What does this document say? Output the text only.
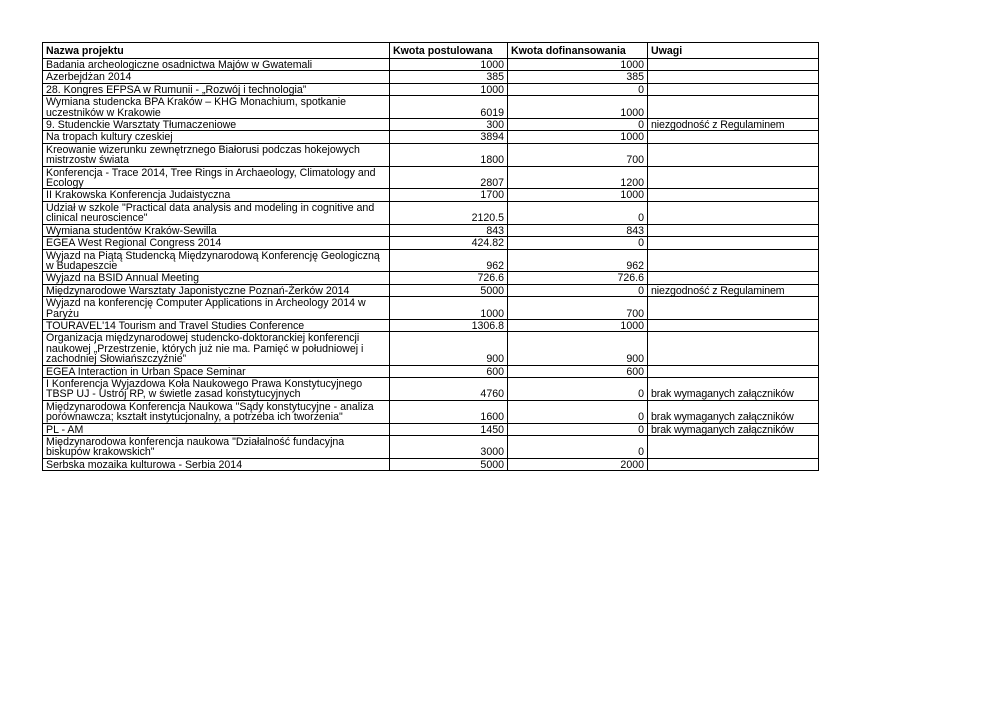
Nazwa projektu	Kwota postulowana	Kwota dofinansowania	Uwagi
Badania archeologiczne osadnictwa Majów w Gwatemali	1000	1000	
Azerbejdżan 2014	385	385	
28. Kongres EFPSA w Rumunii - „Rozwój i technologia”	1000	0	
Wymiana studencka BPA Kraków – KHG Monachium, spotkanie uczestników w Krakowie	6019	1000	
9. Studenckie Warsztaty Tłumaczeniowe	300	0	niezgodność z Regulaminem
Na tropach kultury czeskiej	3894	1000	
Kreowanie wizerunku zewnętrznego Białorusi podczas hokejowych mistrzostw świata	1800	700	
Konferencja - Trace 2014, Tree Rings in Archaeology, Climatology and Ecology	2807	1200	
II Krakowska Konferencja Judaistyczna	1700	1000	
Udział w szkole "Practical data analysis and modeling in cognitive and clinical neuroscience"	2120.5	0	
Wymiana studentów Kraków-Sewilla	843	843	
EGEA West Regional Congress 2014	424.82	0	
Wyjazd na Piątą Studencką Międzynarodową Konferencję Geologiczną w Budapeszcie	962	962	
Wyjazd na BSID Annual Meeting	726.6	726.6	
Międzynarodowe Warsztaty Japonistyczne Poznań-Żerków 2014	5000	0	niezgodność z Regulaminem
Wyjazd na konferencję Computer Applications in Archeology 2014 w Paryżu	1000	700	
TOURAVEL'14 Tourism and Travel Studies Conference	1306.8	1000	
Organizacja międzynarodowej studencko-doktoranckiej konferencji naukowej „Przestrzenie, których już nie ma. Pamięć w południowej i zachodniej Słowiańszczyźnie”	900	900	
EGEA Interaction in Urban Space Seminar	600	600	
I Konferencja Wyjazdowa Koła Naukowego Prawa Konstytucyjnego TBSP UJ - Ustrój RP, w świetle zasad konstytucyjnych	4760	0	brak wymaganych załączników
Międzynarodowa Konferencja Naukowa "Sądy konstytucyjne - analiza porównawcza; kształt instytucjonalny, a potrzeba ich tworzenia"	1600	0	brak wymaganych załączników
PL - AM	1450	0	brak wymaganych załączników
Międzynarodowa konferencja naukowa "Działalność fundacyjna biskupów krakowskich"	3000	0	
Serbska mozaika kulturowa - Serbia 2014	5000	2000	
